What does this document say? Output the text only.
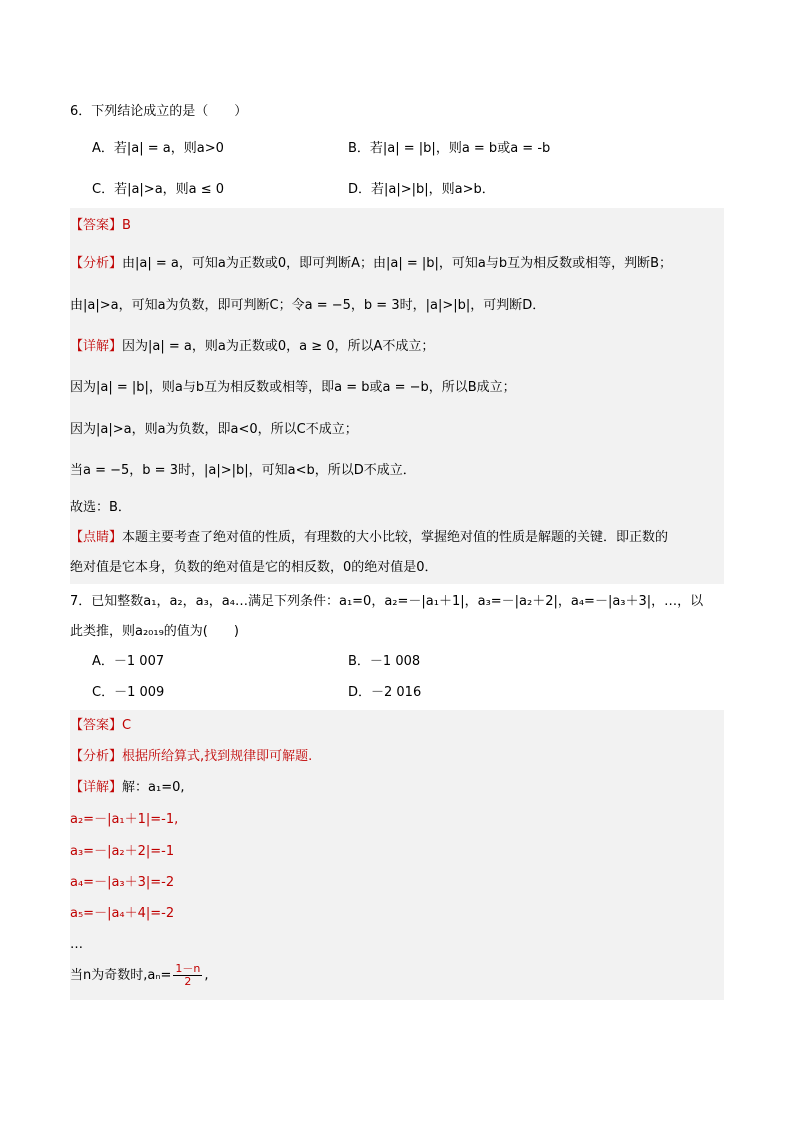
6．下列结论成立的是（　　）
A．若|a| = a，则a>0	B．若|a| = |b|，则a = b或a = -b
C．若|a|>a，则a ≤ 0	D．若|a|>|b|，则a>b．
【答案】B
【分析】由|a| = a，可知a为正数或0，即可判断A；由|a| = |b|，可知a与b互为相反数或相等，判断B；
由|a|>a，可知a为负数，即可判断C；令a = −5，b = 3时，|a|>|b|，可判断D．
【详解】因为|a| = a，则a为正数或0，a ≥ 0，所以A不成立；
因为|a| = |b|，则a与b互为相反数或相等，即a = b或a = −b，所以B成立；
因为|a|>a，则a为负数，即a<0，所以C不成立；
当a = −5，b = 3时，|a|>|b|，可知a<b，所以D不成立．
故选：B．
【点睛】本题主要考查了绝对值的性质，有理数的大小比较，掌握绝对值的性质是解题的关键．即正数的
绝对值是它本身，负数的绝对值是它的相反数，0的绝对值是0．
7．已知整数a₁，a₂，a₃，a₄…满足下列条件：a₁=0，a₂=－|a₁＋1|，a₃=－|a₂＋2|，a₄=－|a₃＋3|，…，以
此类推，则a₂₀₁₉的值为(　　)
A．－1 007	B．－1 008
C．－1 009	D．－2 016
【答案】C
【分析】根据所给算式,找到规律即可解题.
【详解】解：a₁=0,
a₂=－|a₁＋1|=-1,
a₃=－|a₂＋2|=-1
a₄=－|a₃＋3|=-2
a₅=－|a₄＋4|=-2
…
当n为奇数时$,a_n= \frac{1-n}{2}$ ,
